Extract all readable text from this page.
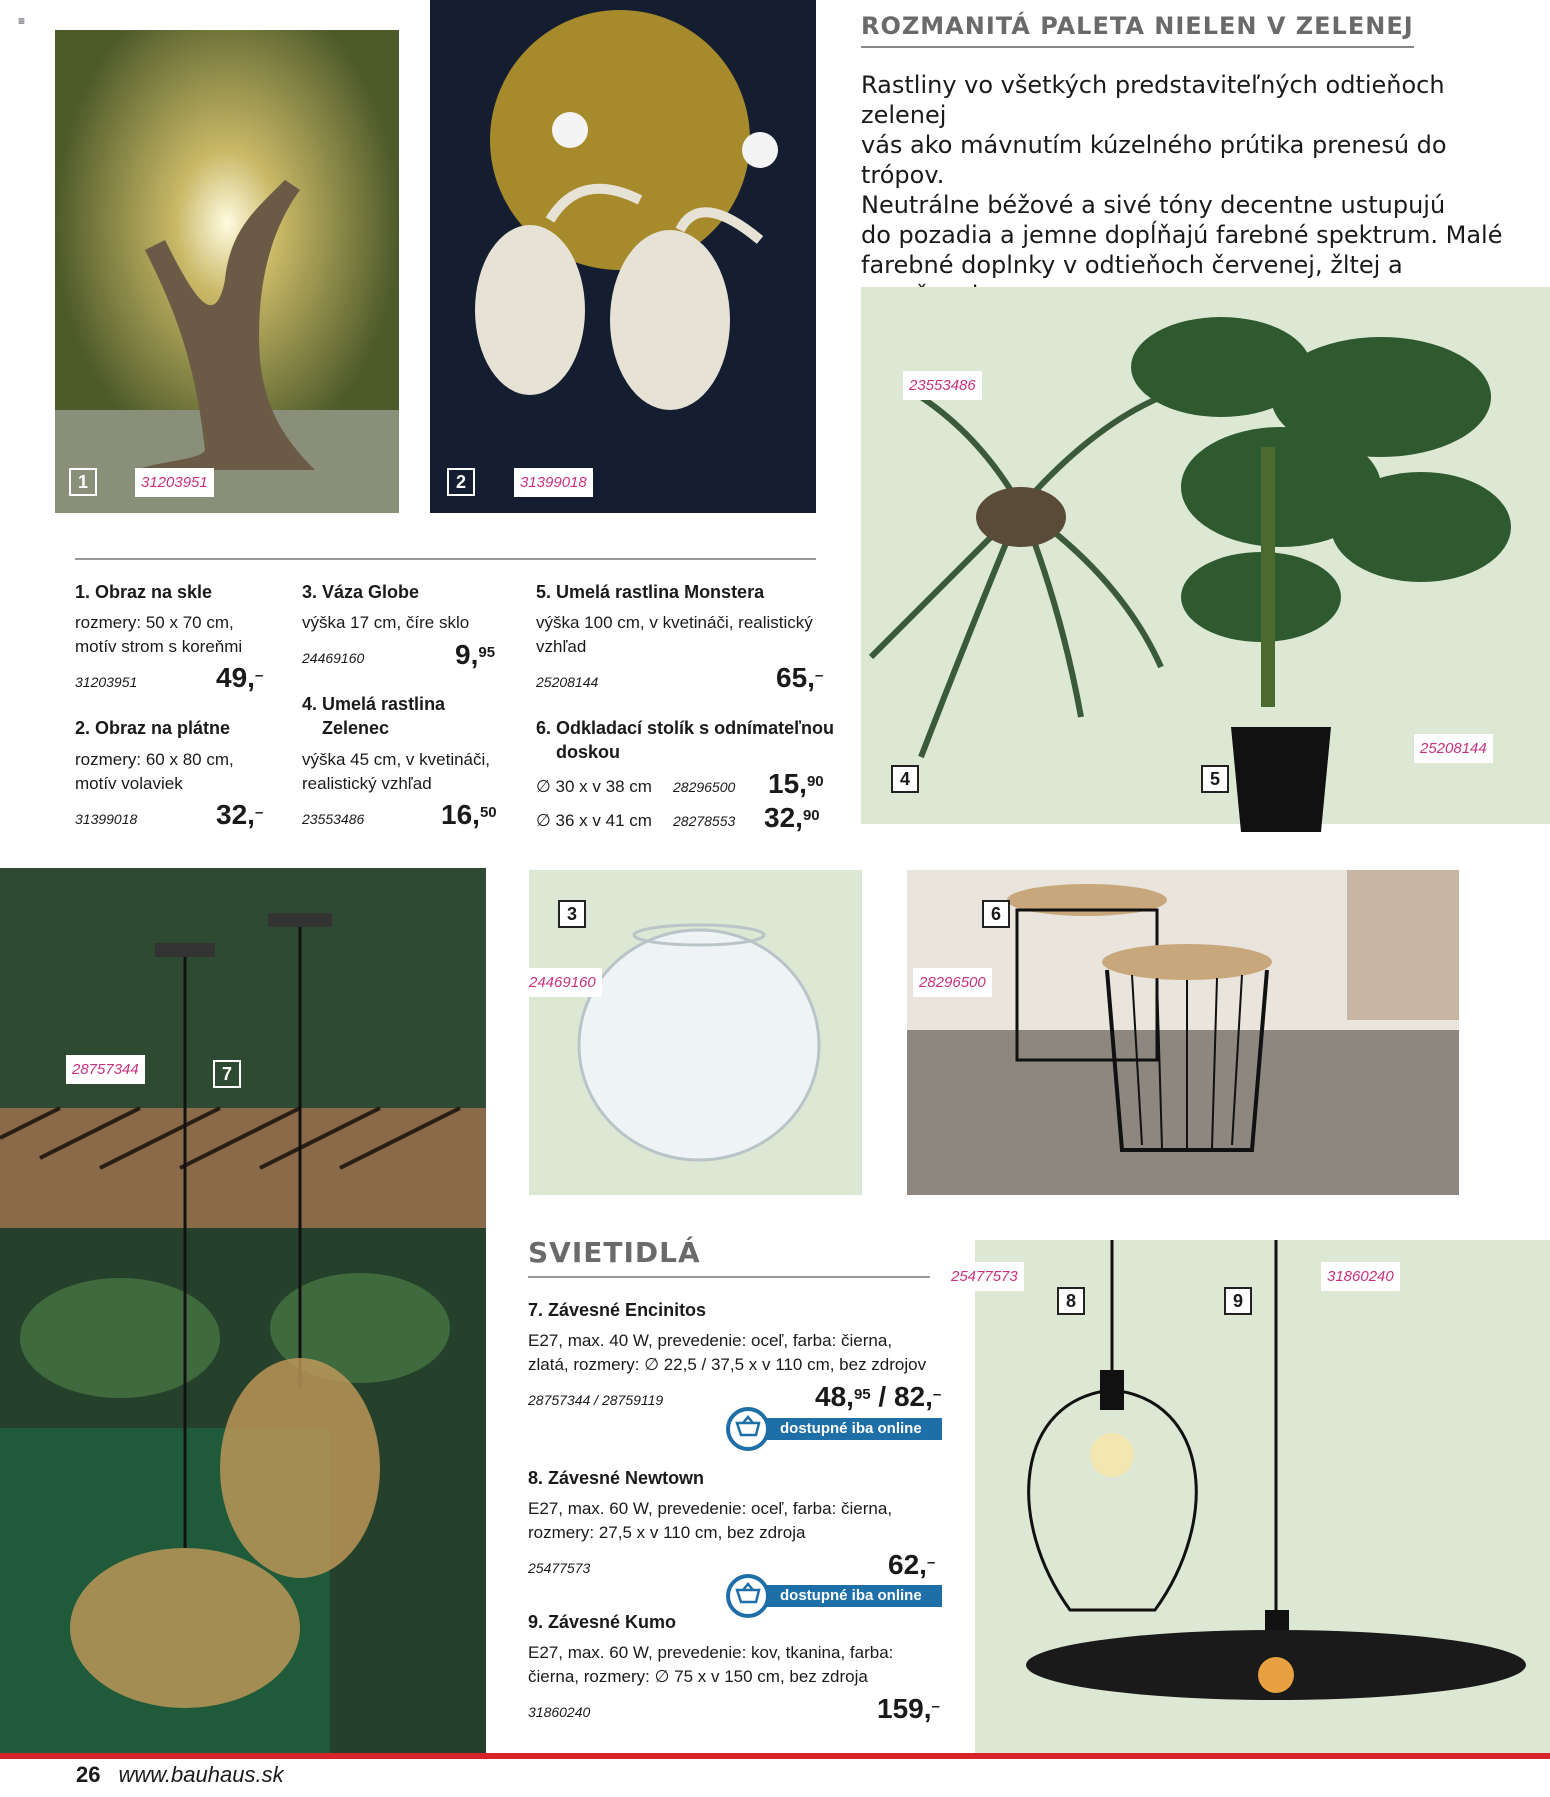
≡
1	31203951	2	31399018
ROZMANITÁ PALETA NIELEN V ZELENEJ
Rastliny vo všetkých predstaviteľných odtieňoch zelenej
vás ako mávnutím kúzelného prútika prenesú do trópov.
Neutrálne béžové a sivé tóny decentne ustupujú
do pozadia a jemne dopĺňajú farebné spektrum. Malé
farebné doplnky v odtieňoch červenej, žltej a
23553486
4	5
25208144
1. Obraz na skle
rozmery: 50 x 70 cm,
motív strom s koreňmi
31203951	49,–
2. Obraz na plátne
rozmery: 60 x 80 cm,
motív volaviek
31399018	32,–
3. Váza Globe
výška 17 cm, číre sklo
24469160	9,95
4. Umelá rastlina
Zelenec
výška 45 cm, v kvetináči,
realistický vzhľad
23553486	16,50
5. Umelá rastlina Monstera
výška 100 cm, v kvetináči, realistický
vzhľad
25208144	65,–
6. Odkladací stolík s odnímateľnou
doskou
∅ 30 x v 38 cm 28296500 15,90
∅ 36 x v 41 cm 28278553 32,90
28757344	7
3
24469160
6
28296500
SVIETIDLÁ
7. Závesné Encinitos
E27, max. 40 W, prevedenie: oceľ, farba: čierna,
zlatá, rozmery: ∅ 22,5 / 37,5 x v 110 cm, bez zdrojov
28757344 / 28759119	48,95 / 82,–
dostupné iba online
8. Závesné Newtown
E27, max. 60 W, prevedenie: oceľ, farba: čierna,
rozmery: 27,5 x v 110 cm, bez zdroja
25477573	62,–
dostupné iba online
9. Závesné Kumo
E27, max. 60 W, prevedenie: kov, tkanina, farba:
čierna, rozmery: ∅ 75 x v 150 cm, bez zdroja
31860240	159,–
25477573
8	9
31860240
26 www.bauhaus.sk
